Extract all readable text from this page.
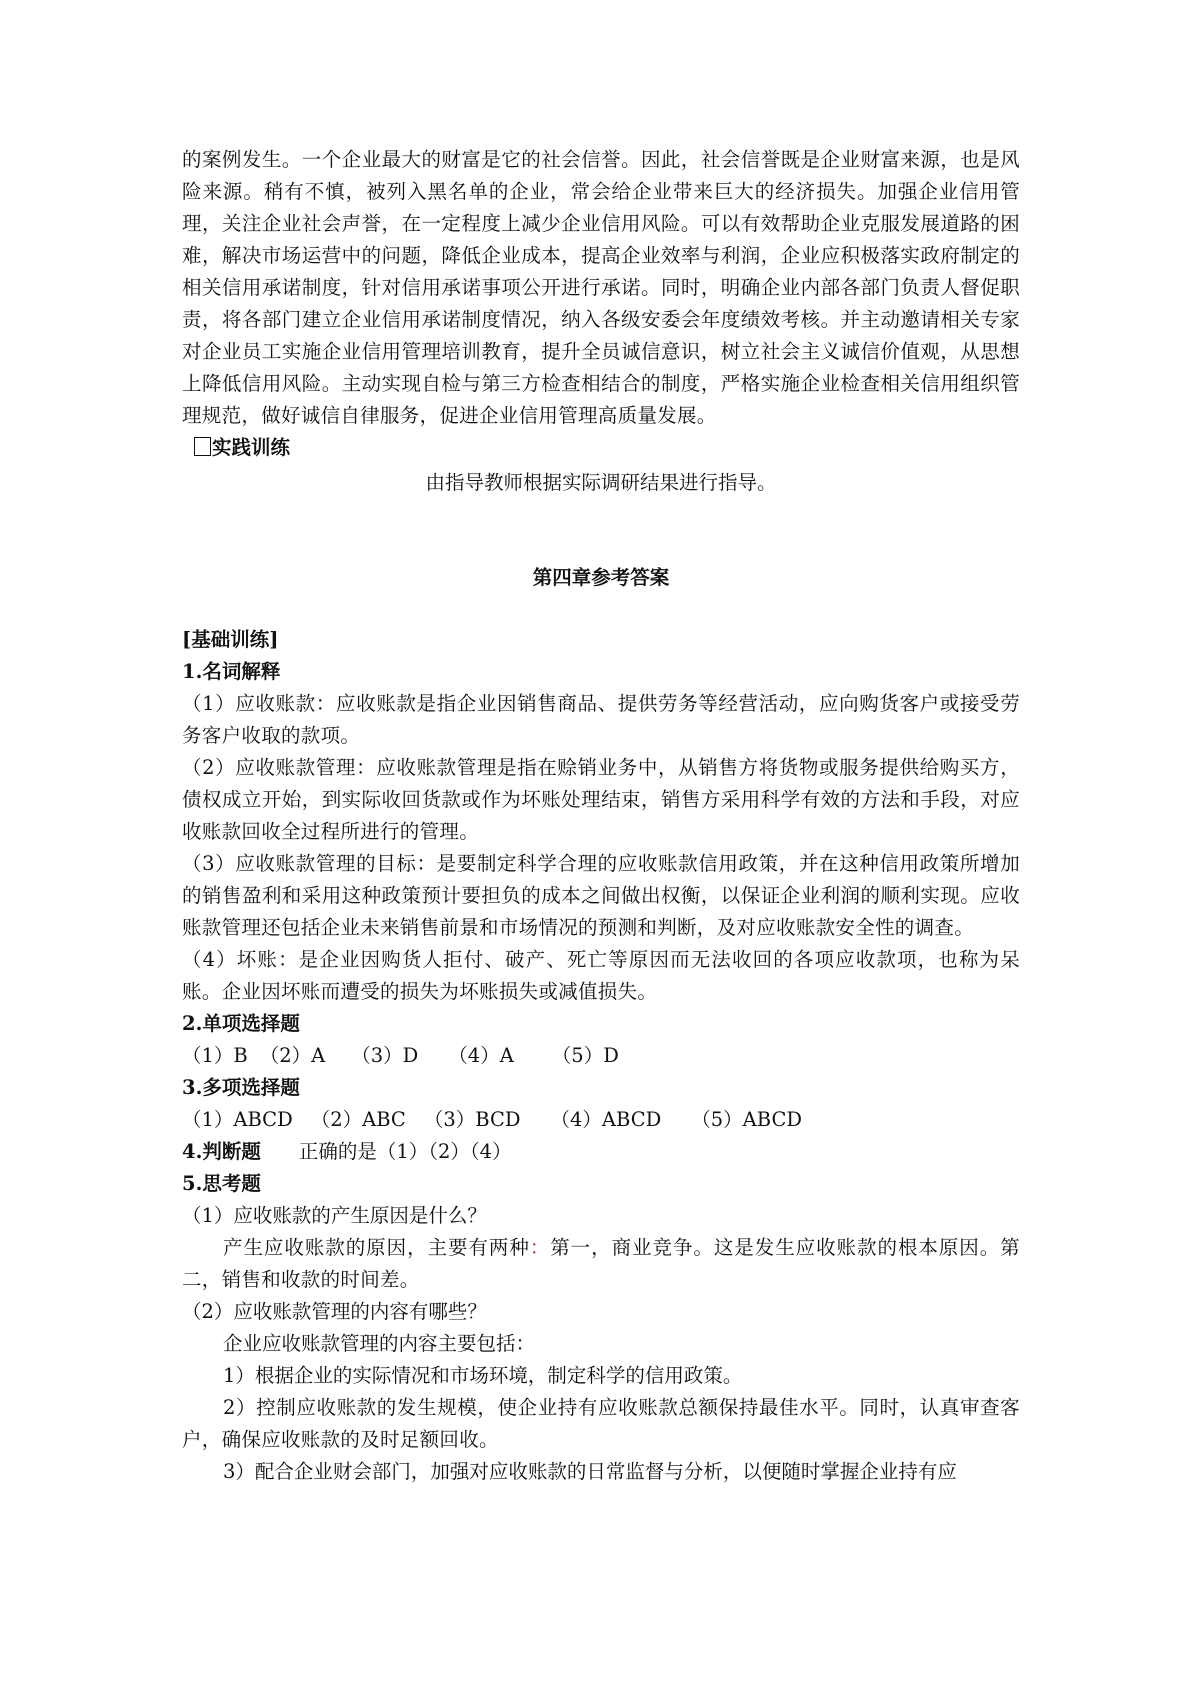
的案例发生。一个企业最大的财富是它的社会信誉。因此，社会信誉既是企业财富来源，也是风险来源。稍有不慎，被列入黑名单的企业，常会给企业带来巨大的经济损失。加强企业信用管理，关注企业社会声誉，在一定程度上减少企业信用风险。可以有效帮助企业克服发展道路的困难，解决市场运营中的问题，降低企业成本，提高企业效率与利润，企业应积极落实政府制定的相关信用承诺制度，针对信用承诺事项公开进行承诺。同时，明确企业内部各部门负责人督促职责，将各部门建立企业信用承诺制度情况，纳入各级安委会年度绩效考核。并主动邀请相关专家对企业员工实施企业信用管理培训教育，提升全员诚信意识，树立社会主义诚信价值观，从思想上降低信用风险。主动实现自检与第三方检查相结合的制度，严格实施企业检查相关信用组织管理规范，做好诚信自律服务，促进企业信用管理高质量发展。

实践训练

由指导教师根据实际调研结果进行指导。

第四章参考答案

[基础训练]

1.名词解释

（1）应收账款：应收账款是指企业因销售商品、提供劳务等经营活动，应向购货客户或接受劳务客户收取的款项。

（2）应收账款管理：应收账款管理是指在赊销业务中，从销售方将货物或服务提供给购买方，债权成立开始，到实际收回货款或作为坏账处理结束，销售方采用科学有效的方法和手段，对应收账款回收全过程所进行的管理。

（3）应收账款管理的目标：是要制定科学合理的应收账款信用政策，并在这种信用政策所增加的销售盈利和采用这种政策预计要担负的成本之间做出权衡，以保证企业利润的顺利实现。应收账款管理还包括企业未来销售前景和市场情况的预测和判断，及对应收账款安全性的调查。

（4）坏账：是企业因购货人拒付、破产、死亡等原因而无法收回的各项应收款项，也称为呆账。企业因坏账而遭受的损失为坏账损失或减值损失。

2.单项选择题

（1）B （2）A （3）D （4）A （5）D

3.多项选择题

（1）ABCD （2）ABC （3）BCD （4）ABCD （5）ABCD

4.判断题 正确的是（1）（2）（4）

5.思考题

（1）应收账款的产生原因是什么？

产生应收账款的原因，主要有两种：第一，商业竞争。这是发生应收账款的根本原因。第二，销售和收款的时间差。

（2）应收账款管理的内容有哪些？

企业应收账款管理的内容主要包括：

1）根据企业的实际情况和市场环境，制定科学的信用政策。

2）控制应收账款的发生规模，使企业持有应收账款总额保持最佳水平。同时，认真审查客户，确保应收账款的及时足额回收。

3）配合企业财会部门，加强对应收账款的日常监督与分析，以便随时掌握企业持有应
